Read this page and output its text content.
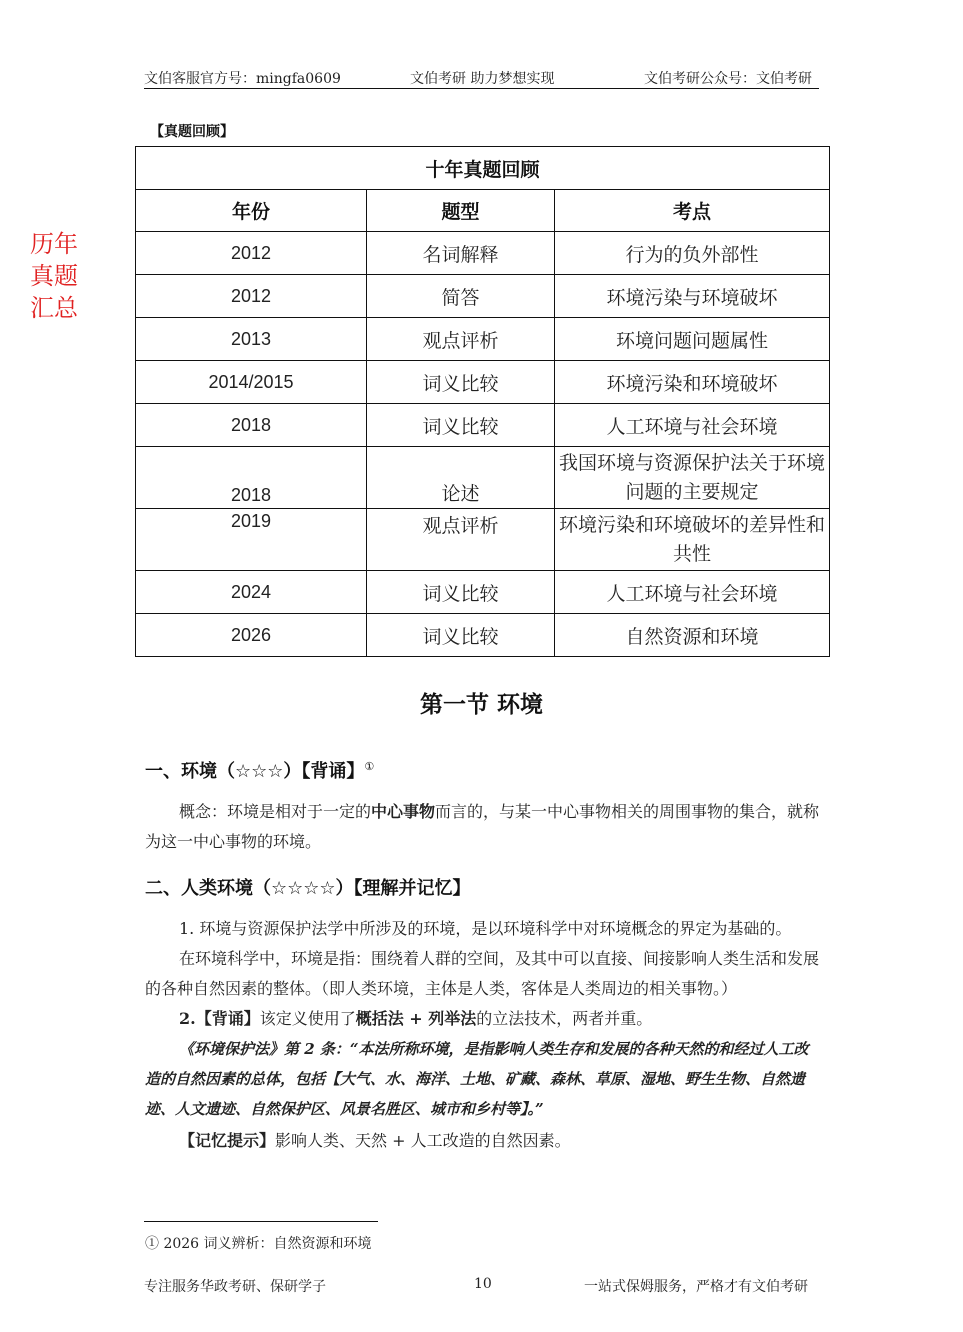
文伯客服官方号：mingfa0609	文伯考研 助力梦想实现	文伯考研公众号：文伯考研
历年
真题
汇总
【真题回顾】
十年真题回顾		
年份	题型	考点
2012	名词解释	行为的负外部性
2012	简答	环境污染与环境破坏
2013	观点评析	环境问题问题属性
2014/2015	词义比较	环境污染和环境破坏
2018	词义比较	人工环境与社会环境
2018	论述	我国环境与资源保护法关于环境问题的主要规定
2019	观点评析	环境污染和环境破坏的差异性和共性
2024	词义比较	人工环境与社会环境
2026	词义比较	自然资源和环境
第一节 环境
一、环境（☆☆☆）【背诵】①
概念：环境是相对于一定的中心事物而言的，与某一中心事物相关的周围事物的集合，就称为这一中心事物的环境。
二、人类环境（☆☆☆☆）【理解并记忆】
1. 环境与资源保护法学中所涉及的环境，是以环境科学中对环境概念的界定为基础的。
在环境科学中，环境是指：围绕着人群的空间，及其中可以直接、间接影响人类生活和发展的各种自然因素的整体。（即人类环境，主体是人类，客体是人类周边的相关事物。）
2.【背诵】该定义使用了概括法 + 列举法的立法技术，两者并重。
《环境保护法》第 2 条：“本法所称环境，是指影响人类生存和发展的各种天然的和经过人工改造的自然因素的总体，包括【大气、水、海洋、土地、矿藏、森林、草原、湿地、野生生物、自然遗迹、人文遗迹、自然保护区、风景名胜区、城市和乡村等】。”
【记忆提示】影响人类、天然 + 人工改造的自然因素。
① 2026 词义辨析：自然资源和环境
专注服务华政考研、保研学子	10	一站式保姆服务，严格才有文伯考研
